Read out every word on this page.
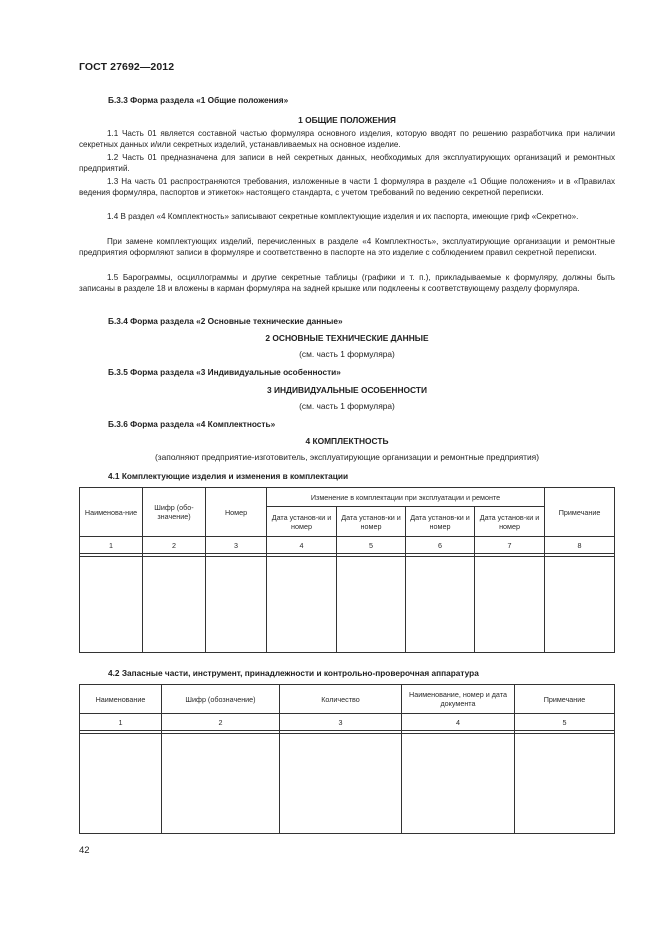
ГОСТ 27692—2012
Б.3.3 Форма раздела «1 Общие положения»
1 ОБЩИЕ ПОЛОЖЕНИЯ

1.1 Часть 01 является составной частью формуляра основного изделия, которую вводят по решению разработчика при наличии секретных данных и/или секретных изделий, устанавливаемых на основное изделие.

1.2 Часть 01 предназначена для записи в ней секретных данных, необходимых для эксплуатирующих организаций и ремонтных предприятий.

1.3 На часть 01 распространяются требования, изложенные в части 1 формуляра в разделе «1 Общие положения» и в «Правилах ведения формуляра, паспортов и этикеток» настоящего стандарта, с учетом требований по ведению секретной переписки.

1.4 В раздел «4 Комплектность» записывают секретные комплектующие изделия и их паспорта, имеющие гриф «Секретно».

При замене комплектующих изделий, перечисленных в разделе «4 Комплектность», эксплуатирующие организации и ремонтные предприятия оформляют записи в формуляре и соответственно в паспорте на это изделие с соблюдением правил секретной переписки.

1.5 Барограммы, осциллограммы и другие секретные таблицы (графики и т. п.), прикладываемые к формуляру, должны быть записаны в разделе 18 и вложены в карман формуляра на задней крышке или подклеены к соответствующему разделу формуляра.

Б.3.4 Форма раздела «2 Основные технические данные»
2 ОСНОВНЫЕ ТЕХНИЧЕСКИЕ ДАННЫЕ
(см. часть 1 формуляра)
Б.3.5 Форма раздела «3 Индивидуальные особенности»
3 ИНДИВИДУАЛЬНЫЕ ОСОБЕННОСТИ
(см. часть 1 формуляра)
Б.3.6 Форма раздела «4 Комплектность»
4 КОМПЛЕКТНОСТЬ
(заполняют предприятие-изготовитель, эксплуатирующие организации и ремонтные предприятия)
4.1 Комплектующие изделия и изменения в комплектации
Наименова-ние	Шифр (обо-значение)	Номер	Изменение в комплектации при эксплуатации и ремонте				Примечание
			Дата установ-ки и номер	Дата установ-ки и номер	Дата установ-ки и номер	Дата установ-ки и номер	
1	2	3	4	5	6	7	8

4.2 Запасные части, инструмент, принадлежности и контрольно-проверочная аппаратура
Наименование	Шифр (обозначение)	Количество	Наименование, номер и дата документа	Примечание
1	2	3	4	5

42
